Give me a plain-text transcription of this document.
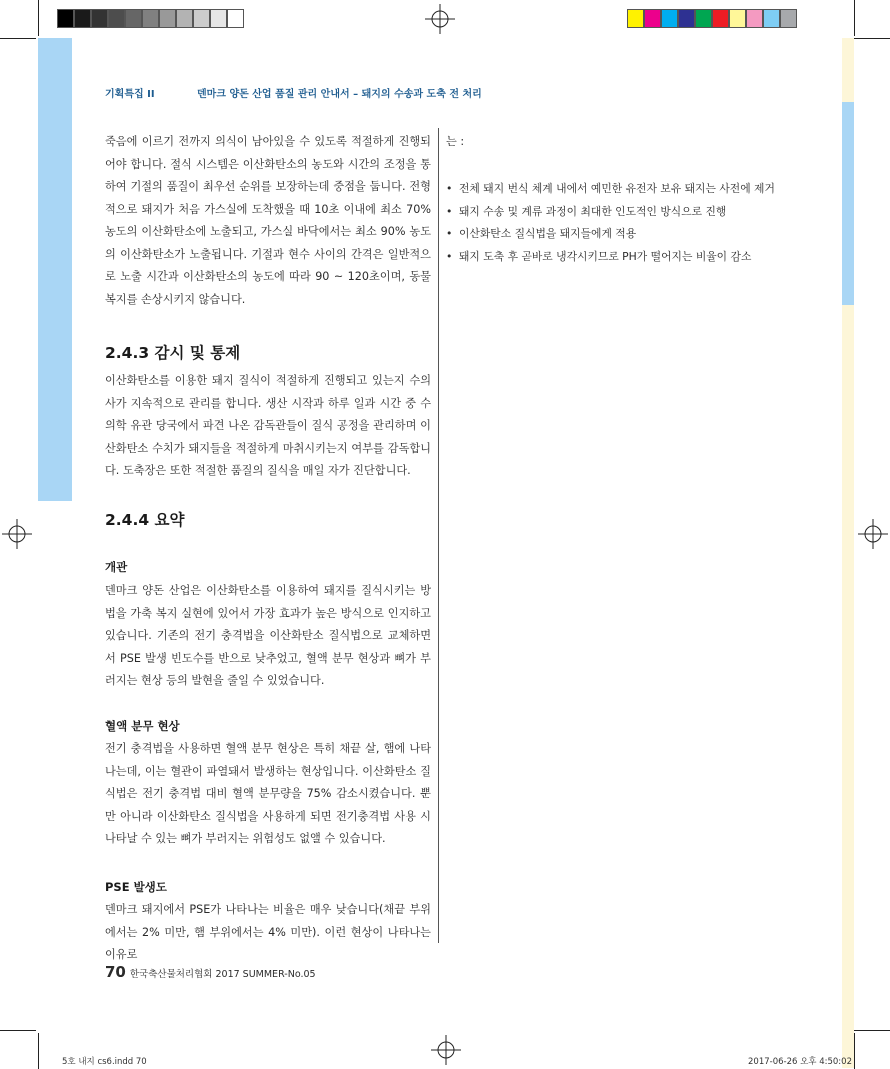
기획특집 II	덴마크 양돈 산업 품질 관리 안내서 – 돼지의 수송과 도축 전 처리

죽음에 이르기 전까지 의식이 남아있을 수 있도록 적절하게 진행되어야 합니다. 절식 시스템은 이산화탄소의 농도와 시간의 조정을 통하여 기절의 품질이 최우선 순위를 보장하는데 중점을 둡니다. 전형적으로 돼지가 처음 가스실에 도착했을 때 10초 이내에 최소 70% 농도의 이산화탄소에 노출되고, 가스실 바닥에서는 최소 90% 농도의 이산화탄소가 노출됩니다. 기절과 현수 사이의 간격은 일반적으로 노출 시간과 이산화탄소의 농도에 따라 90 ~ 120초이며, 동물복지를 손상시키지 않습니다.

2.4.3 감시 및 통제

이산화탄소를 이용한 돼지 질식이 적절하게 진행되고 있는지 수의사가 지속적으로 관리를 합니다. 생산 시작과 하루 일과 시간 중 수의학 유관 당국에서 파견 나온 감독관들이 질식 공정을 관리하며 이산화탄소 수치가 돼지들을 적절하게 마취시키는지 여부를 감독합니다. 도축장은 또한 적절한 품질의 질식을 매일 자가 진단합니다.

2.4.4 요약
개관

덴마크 양돈 산업은 이산화탄소를 이용하여 돼지를 질식시키는 방법을 가축 복지 실현에 있어서 가장 효과가 높은 방식으로 인지하고 있습니다. 기존의 전기 충격법을 이산화탄소 질식법으로 교체하면서 PSE 발생 빈도수를 반으로 낮추었고, 혈액 분무 현상과 뼈가 부러지는 현상 등의 발현을 줄일 수 있었습니다.

혈액 분무 현상

전기 충격법을 사용하면 혈액 분무 현상은 특히 채끝 살, 햄에 나타나는데, 이는 혈관이 파열돼서 발생하는 현상입니다. 이산화탄소 질식법은 전기 충격법 대비 혈액 분무량을 75% 감소시켰습니다. 뿐만 아니라 이산화탄소 질식법을 사용하게 되면 전기충격법 사용 시 나타날 수 있는 뼈가 부러지는 위험성도 없앨 수 있습니다.

PSE 발생도

덴마크 돼지에서 PSE가 나타나는 비율은 매우 낮습니다(채끝 부위에서는 2% 미만, 햄 부위에서는 4% 미만). 이런 현상이 나타나는 이유로

는 :

• 전체 돼지 번식 체계 내에서 예민한 유전자 보유 돼지는 사전에 제거
• 돼지 수송 및 계류 과정이 최대한 인도적인 방식으로 진행
• 이산화탄소 질식법을 돼지들에게 적용
• 돼지 도축 후 곧바로 냉각시키므로 PH가 떨어지는 비율이 감소
70 한국축산물처리협회 2017 SUMMER-No.05
5호 내지 cs6.indd 70	2017-06-26 오후 4:50:02
